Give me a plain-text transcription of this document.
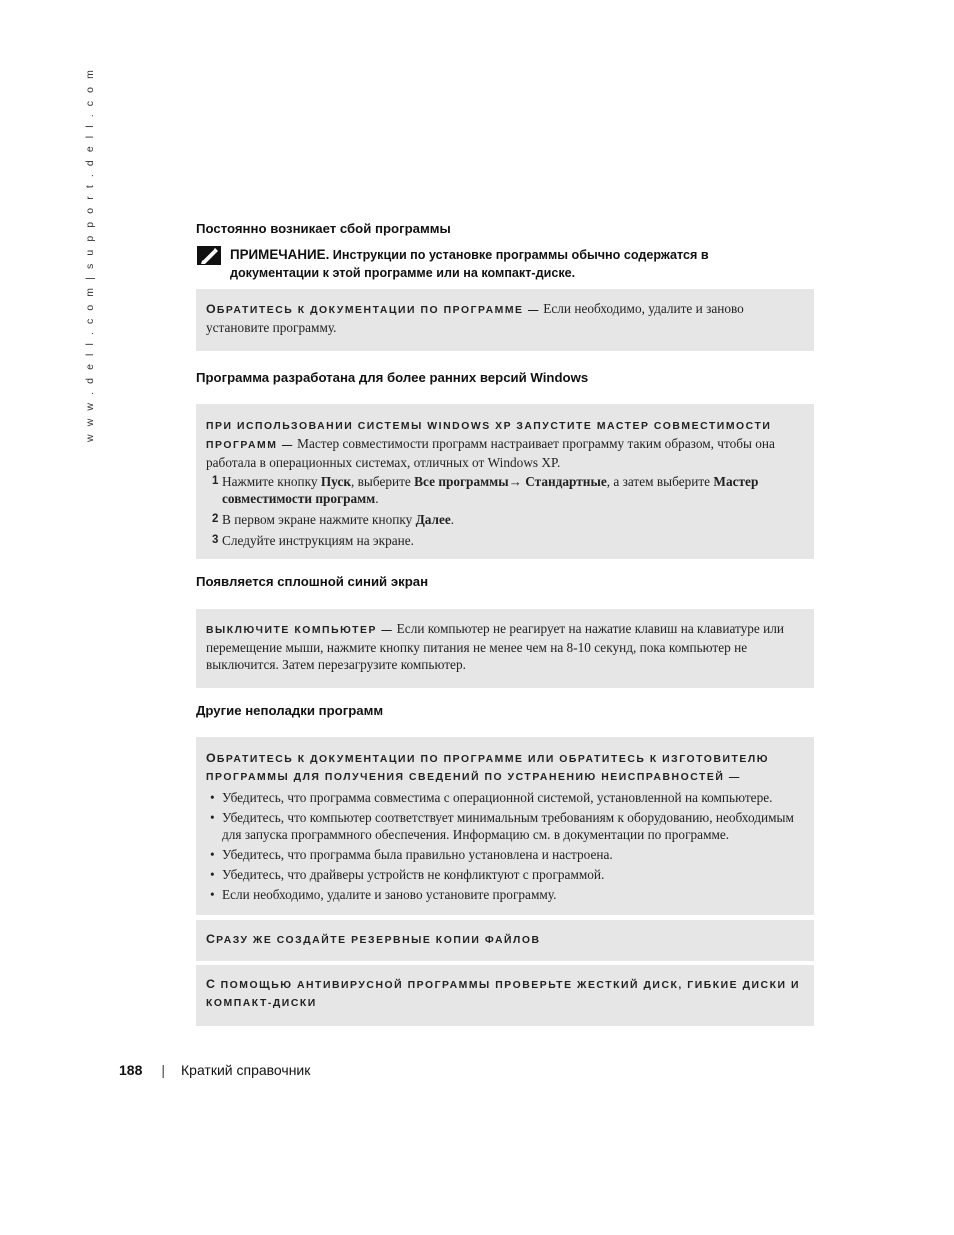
w w w . d e l l . c o m | s u p p o r t . d e l l . c o m	Постоянно возникает сбой программы
ПРИМЕЧАНИЕ. Инструкции по установке программы обычно содержатся в документации к этой программе или на компакт-диске.
ОБРАТИТЕСЬ К ДОКУМЕНТАЦИИ ПО ПРОГРАММЕ — Если необходимо, удалите и заново установите программу.
Программа разработана для более ранних версий Windows
ПРИ ИСПОЛЬЗОВАНИИ СИСТЕМЫ WINDOWS XP ЗАПУСТИТЕ МАСТЕР СОВМЕСТИМОСТИ ПРОГРАММ — Мастер совместимости программ настраивает программу таким образом, чтобы она работала в операционных системах, отличных от Windows XP.
1 Нажмите кнопку Пуск, выберите Все программы→ Стандартные, а затем выберите Мастер совместимости программ.
2 В первом экране нажмите кнопку Далее.
3 Следуйте инструкциям на экране.
Появляется сплошной синий экран
ВЫКЛЮЧИТЕ КОМПЬЮТЕР — Если компьютер не реагирует на нажатие клавиш на клавиатуре или перемещение мыши, нажмите кнопку питания не менее чем на 8-10 секунд, пока компьютер не выключится. Затем перезагрузите компьютер.
Другие неполадки программ
ОБРАТИТЕСЬ К ДОКУМЕНТАЦИИ ПО ПРОГРАММЕ ИЛИ ОБРАТИТЕСЬ К ИЗГОТОВИТЕЛЮ ПРОГРАММЫ ДЛЯ ПОЛУЧЕНИЯ СВЕДЕНИЙ ПО УСТРАНЕНИЮ НЕИСПРАВНОСТЕЙ —
• Убедитесь, что программа совместима с операционной системой, установленной на компьютере.
• Убедитесь, что компьютер соответствует минимальным требованиям к оборудованию, необходимым для запуска программного обеспечения. Информацию см. в документации по программе.
• Убедитесь, что программа была правильно установлена и настроена.
• Убедитесь, что драйверы устройств не конфликтуют с программой.
• Если необходимо, удалите и заново установите программу.
СРАЗУ ЖЕ СОЗДАЙТЕ РЕЗЕРВНЫЕ КОПИИ ФАЙЛОВ
С ПОМОЩЬЮ АНТИВИРУСНОЙ ПРОГРАММЫ ПРОВЕРЬТЕ ЖЕСТКИЙ ДИСК, ГИБКИЕ ДИСКИ И КОМПАКТ-ДИСКИ
188 | Краткий справочник
